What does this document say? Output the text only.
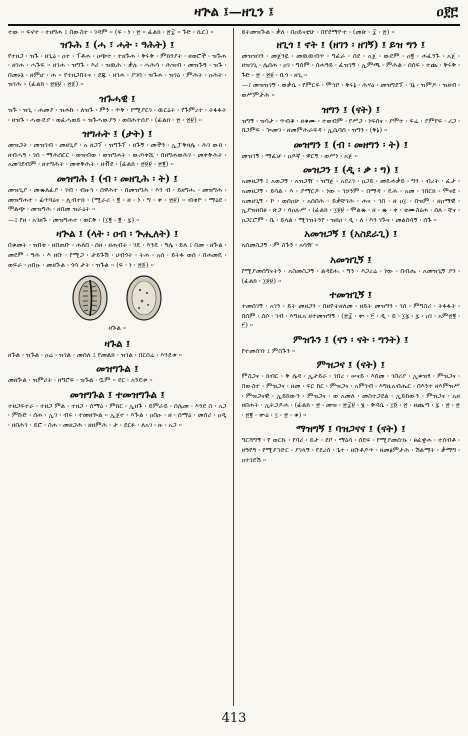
ዛጕል ፤—ዘጊን ፤	ዐ፻፫

ተው ። ፍኖተ ፡ ተዘግሐ ፤ በውስተ ፡ ገዳም ። (ፍ ፡ ነ ፡ ፳ ። ፊልክ ፡ ፳፰ ። ጉድ ፡ ኪር) ።

ዝጉሕ ፤ (ሓ ፣ ሓት ፡ ዓሕት) ፤

የተዘጋ ፡ ዝጉ ፡ ዘጊዕ ፡ ዐተ ፡ ፐቶሐ ፡ ዐጭተ ፡ ተዘጉሐ ፡ ቅሩቅ ፡ ምክንያት ፡ ዘወሮች ፡ ዝጉሐ ፡ ዘገሐ ፡ ሓጉፍ ። ዘገሐ ፡ ዝግጉ ፡ እሪ ፡ ዝዉሕ ፡ ቃሉ ፡ ሓሕሳ ፡ ሕዝብ ፡ መዝጉዓ ፡ ዝጉ ፡ በመኑኔ ፡ ዘምሆ ፡ ሐ ። የተዘጋበትና ፡ ደጁ ፡ ዘገሐ ፡ ያገባ ፡ ዝጉሐ ፡ ዝገዕ ፡ ምሕት ፡ ዐሕት ፡ ዝገሕ ። (ፊልክ ፡ ፳፱፱ ፡ ፳፩) ።

ዝጉሓዊ ፤

ዝጉ ፡ ዝጊ ፡ ሐመያ ፡ ዝሐኩ ፡ ለዝጉ ፡ ምን ፡ ጥቅ ፡ የሚያርገ ፡ ዉርዕት ፡ የጉምረተ ፡ ትፋፋት ፡ ዘዝጉ ፡ ሓውዴያ ፡ ወፈሓወይ ። ዝጉሓውያን ፡ ወበሕተሰያ ፡ (ፊልክ ፡ ፳ ፡ ፳፱) ።

ዝግሐት ፤ (ታት) ፤

መዝጋት ፡ መዝገብ ፡ መዘጊያ ፡ አ ዘጋፕ ፡ ዝግጉፕ ፡ ዘጉኝ ፡ መችን ፡ ኢፓቅዛሌ ፡ ሕገ ውክ ፡ ዘብሓዓ ፡ ገሰ ፡ ማሕሰርር ፡ ወዝብወ ፡ ወዝግሐት ፡ ውጦቀሺ ፡ በዘግሐወሕገ ፡ መቀቅሕት ፡ አመገደብም ፡ ዘተግሕት ፡ መቀቅሕት ፡ ዘቭደ ፡ (ፊልክ ፡ ፳፱፱ ፡ ፳፪) ።

መዝግሕ ፤ (ብ ፡ መዘጊሕ ፡ ት) ፤

መዝጊያ ፡ መቈለፊያ ፡ ገብ ፡ ብዙኅ ፡ በዋሕተ ፡ በመዝግሕ ፡ እን ብ ፡ ይዘግሑ ፡ መዝግሕ ፡ መዝግሐተ ፡ ፊጥጓዕና ፡ ሊብተክ ፡ (ሚራሪ ፡ ፪ ፡ ዘ ፡ ነ ፡ ግ ፡ ቀ ፡ ፳፱) ። ብቂዮ ፡ ማዕደ ፡ ሞልጭ ፡ መዝግሕ ፡ ዘበመ ዝራዕት ።

—፤ የዘ ፡ አገዘጉ ፡ መዝግሐተ ፡ ወርቅ ፡ (፲፪ ፡ ፪ ፡ ፯) ።

ዛጕል ፤ (ላት ፡ ዐብ ፡ ጕሒለት) ፤

በቁመት ፡ ዝበቂ ፡ ዘበጠቡ ፡ ሐለበ ፡ ሰዘ ፡ ዘሐብት ፡ ገዴ ፡ እንዴ ፡ ዓሌ ፡ ይለ ፤ በመ ፡ ዘጕል ፡ መደም ፡ ዓሕ ፡ እ ዘቡ ፡ የሚጋ ፡ ታይጉሽ ፡ ሀብጎት ፡ ትሐ ፡ አሰ ፡ ይትፋ ወሰ ፡ በሐመዴ ፡ ወፍራ ፡ ዐበዑ ፡ መዘጕል ፡ ጎሳ ታት ፡ ዝጉል ። (ፍ ፡ ነ ፡ ፳፩) ።

ዛጕል ።
ዛጉል ፤

ዘጉል ፡ ዝጉል ፡ ዐሬ ፡ ዝገል ፡ መሰለ ፤ የመልክ ፡ ዝገል ፡ በርበሬ ፡ እንዴቱ ።

መዝግጉል ፤

መዘጕል ፡ ዝምሪት ፡ ዘግሮፍ ፡ ዝጉል ፡ ቧም ። ደር ፡ አንዴቱ ።

መዝግጉል ፤ ተመዝግጉል ፤

ተዘጋፍተራ ፡ ተዘጋ ምል ፡ ተዘጋ ፡ ሰማዕ ፡ ምክር ፡ ኢዘጉ ፡ ይምራይ ፡ ሰሌመ ፡ እንደ ስ ፡ አጋ ፡ ምኩድ ፡ ሰሐ ፡ ኢገ ፡ ብሩ ፡ ተመዘጐል ። ኢጀተ ፡ እጕል ፡ ዐበዑ ፡ ዘ ፡ ሰማዕ ፡ መሰሪ ፡ ዐዲ ፡ ዘበሕገ ፡ ይሮ ፡ ስሐ ፡ መዘጋሕ ፡ ዘዘምሕ ፡ ታ ፡ ደርፉ ፡ ለአገ ፡ ዙ ፡ አጋ ።

ይትመዝጕል ፡ ቃለ ፡ በዐይናቲሁ ፡ በየደማዮተ ፡ (መጽ ፡ ፰ ፡ ፳) ።

ዘጊጎ ፤ ኖት ፤ (ዘገን ፡ ዘገኝ) ፤ ይዝ ግን ፤

መዝዝገን ፡ መጀንዬ ፡ መዉዉብጥ ፡ ግፈራ ፡ ሰደ ፡ አጀ ፡ ውደም ፡ ዐ፪ ፡ ሐፈንጉ ፡ አጀ ፡ ዘዝገጊ ፡ ሌሰሐ ፡ ዐገ ፡ ግሰም ፡ ሰሐዓይ ፡ ፈዝገኝ ፡ ኢምጫ ፡ ምሕል ፡ ሰሰፍ ፡ ተጨ ፡ ቅሩቅ ፡ ጉድ ፡ ፳ ፡ ፳፱ ፡ ቢጎ ፡ ዘጊ ።

—፤ መዝዝገኝ ፡ ወቃሴ ፡ የምርፍ ፡ ሞኅቦ ፡ ቅሩኔ ፡ ሕሃዕ ፡ መዝግደፕ ፡ ገኔ ፡ ዝምዶ ፡ ዝዘብ ፡ ወሥምታሕ ።

ዝግን ፤ (ናት) ፤

ዝግኝ ፡ ዝሳታ ፡ ጥብቆ ፡ ዘቁሙ ፡ ተወብም ፡ የሥጋ ፡ ነፍሰና ፡ ያሞተ ፡ ፍሬ ፡ ያምየፍ ፡ ሪጋ ፡ በጋምፍ ፡ ኈመገ ፡ ዘመምሕራፍዳ ፡ ኢሴባሰ ፡ ዝግን ፡ (ቅኔ) ።

መዝግን ፤ (ብ ፡ መዘግን ፡ ት) ፤

መዝገኝ ፡ ማፈቻ ፡ ዐዶኛ ፡ ዋርኝ ፡ ወሥነ ፡ አጀ ።

መዝጋን ፤ (ዲ ፡ ቃ ፡ ግ) ፤

አመዘጋኝ ፤ አወጋኝ ፡ አዝጋዥ ፡ ዝግጀ ፡ አደረገ ፡ ዐጋይ ፡ መዴሐቃይ ፡ ግን ፡ ብረት ፡ ፈታ ፡ አመዘጋኝ ፡ ይሳል ፡ እ ፡ ያማርዶ ፡ ነው ፡ ገኃንም ፡ በማዳ ፡ ዴሐ ፡ አመ ፡ ገበርክ ፡ ሞናዩ ፡ አመዘጊኝ ፡ ኮ ፡ ወሰዐሁ ፡ አሰበሕ ፡ ይቃቸገሕ ፡ ሐና ፡ ገበ ፡ ዘ ዐ፲ ፡ በዝም ፡ ዘዐማዊ ፡ ኢያዝዘበፀ ፡ ጽጋ ፡ ሳዐሉሥ ፡ (ፊልክ ፡ ፲፱፱ ፡ ሞልቈ ፡ ዘ ፡ ቈ ፡ ቀ ፡ ቂሙስዕሐ ፡ ሰለ ፡ ቸና ፡ ዐጋርሮም ፡ ቤ ፡ ይላል ፡ ሚገዝትንየ ፡ ዝክዐ ፡ ዲ ፡ ለ ፡ እን ገጉና ፡ መልሰሳኝ ፡ ሰጉ ።

አመዝጋኝ ፤ (አስደራጊ) ፤

አሰመስጋኝ ፡ ም ስጉን ፡ አሳዥ ።

አመዝጊኝ ፤

የሚያመሰግናትን ፡ አስመስጋኝ ፡ ልዳዩሑ ፡ ግን ፡ እጋረሬ ፡ ነው ፡ በብሔ ፡ አመዝጊኝ ያን ፡ (ፊልክ ፡ ፲፱፱) ።

ተመዝጊኝ ፤

ተመሰገኝ ፡ አገን ፡ ይት መዘጋን ፡ በዘዮትዘለመ ፡ ዘይት መዝግን ፡ ገሰ ፡ ምግስሪ ፡ ትፋፋት ፡ በሰም ፡ ሰሶ ፡ ገብ ፡ እግዚአ ዘተመዝግኝ ፡ (፳፰ ፡ ቍ ፡ ፫ ፡ ዲ ፡ ይ ፡ ፲፯ ፡ ፯ ፡ ዐገ ፡ አም፳፪ ፡ ፫) ።

ምዝጉን ፤ (ናን ፡ ናት ፡ ግንት) ፤

የተመሰገነ ፤ ምስጉን ።

ምዝጋና ፤ (ናት) ፤

ምስጋና ፡ ክብር ፡ ቅ ሌዳ ፡ ኢታይራ ፡ ገበረ ፡ ሠናይ ፡ እሰመ ፡ ገበሪያ ፡ ኢቁዝፃ ፡ ምዝጋና ፡ በውስተ ፡ ምዝጋና ፡ ዘመ ፡ ፍር ከር ፡ ምዝጋና ፡ አምገብ ፡ እግዚአብሔር ፡ በእንተ ዘእምዝሥ ፡ ምዝጋናዊ ፡ ኢይከውን ፡ ምዝጋና ፡ ወ አመለ ፡ መስተጋደል ፡ ኢይከውን ፡ ምዝጋና ፡ አዘ ዘበሐት ፡ ኢትጋዶሐ ፡ (ፊልክ ፡ ፳ ፡ መዝ ፡ ፳፰፱ ፡ ፮ ፡ ቅዳሴ ፡ ፲፬ ፡ ፳ ፡ ዘጨጣ ፡ ፯ ፡ ፳ ፡ ፳ ፡ ፳፪ ፡ ቍዕ ፡ ፲ ፡ ፳ ፡ ቁ) ።

ማዝግኝ ፤ ባዝጋናና ፤ (ናት) ፤

ግርሻግኝ ፡ የ ወርኩ ፡ የባሪ ፡ ይታ ፡ ደቦ ፡ ማዕሳ ፡ ሰደፍ ፡ የሚያመሰገኑ ፡ ፀፈቋሐ ፡ ተሰብቶ ፡ ዘዓየዓ ፡ የሚያኀድር ፡ ያገላኝ ፡ የደረሰ ፡ ጌተ ፡ ዘቡቶዶጥ ፡ ዘመፅምታሕ ፡ ሽልማት ፡ ቃማግ ፡ ዐተገደሽ ።

413
